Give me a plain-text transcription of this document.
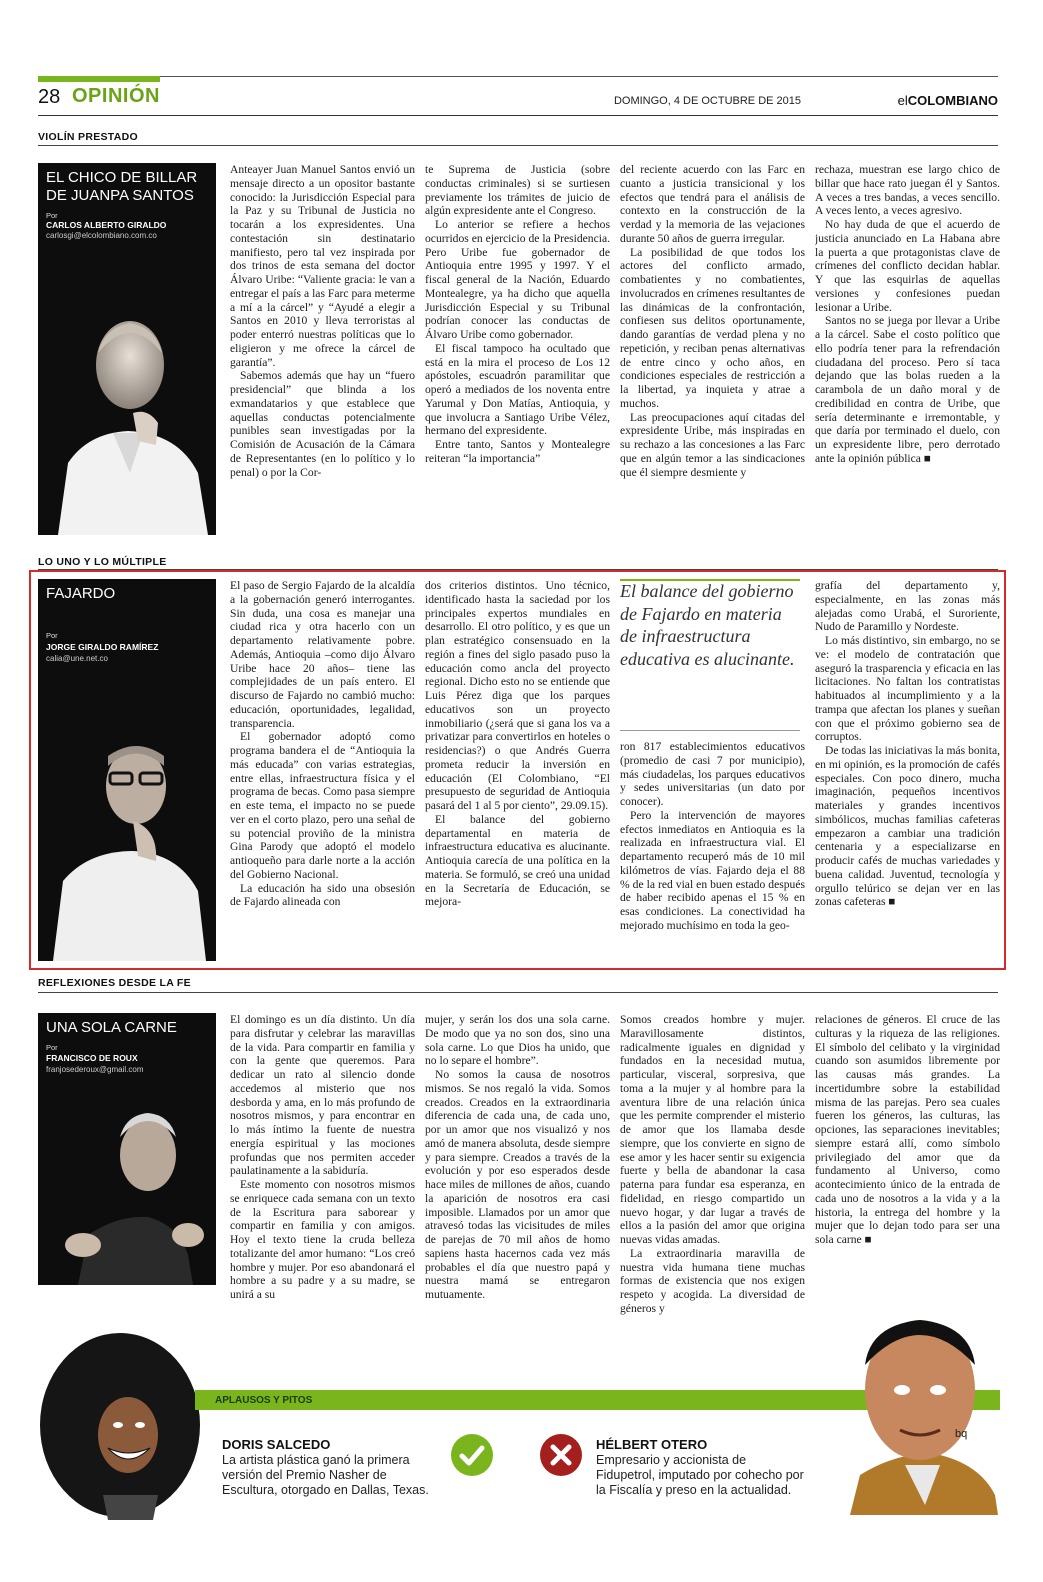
28 OPINIÓN	DOMINGO, 4 DE OCTUBRE DE 2015	elCOLOMBIANO
VIOLÍN PRESTADO
EL CHICO DE BILLAR DE JUANPA SANTOS
Por
CARLOS ALBERTO GIRALDO
carlosgi@elcolombiano.com.co

Anteayer Juan Manuel Santos envió un mensaje directo a un opositor bastante conocido: la Jurisdicción Especial para la Paz y su Tribunal de Justicia no tocarán a los expresidentes. Una contestación sin destinatario manifiesto, pero tal vez inspirada por dos trinos de esta semana del doctor Álvaro Uribe: “Valiente gracia: le van a entregar el país a las Farc para meterme a mí a la cárcel” y “Ayudé a elegir a Santos en 2010 y lleva terroristas al poder enterró nuestras políticas que lo eligieron y me ofrece la cárcel de garantía”.

Sabemos además que hay un “fuero presidencial” que blinda a los exmandatarios y que establece que aquellas conductas potencialmente punibles sean investigadas por la Comisión de Acusación de la Cámara de Representantes (en lo político y lo penal) o por la Cor-

te Suprema de Justicia (sobre conductas criminales) si se surtiesen previamente los trámites de juicio de algún expresidente ante el Congreso.

Lo anterior se refiere a hechos ocurridos en ejercicio de la Presidencia. Pero Uribe fue gobernador de Antioquia entre 1995 y 1997. Y el fiscal general de la Nación, Eduardo Montealegre, ya ha dicho que aquella Jurisdicción Especial y su Tribunal podrían conocer las conductas de Álvaro Uribe como gobernador.

El fiscal tampoco ha ocultado que está en la mira el proceso de Los 12 apóstoles, escuadrón paramilitar que operó a mediados de los noventa entre Yarumal y Don Matías, Antioquia, y que involucra a Santiago Uribe Vélez, hermano del expresidente.

Entre tanto, Santos y Montealegre reiteran “la importancia”

del reciente acuerdo con las Farc en cuanto a justicia transicional y los efectos que tendrá para el análisis de contexto en la construcción de la verdad y la memoria de las vejaciones durante 50 años de guerra irregular.

La posibilidad de que todos los actores del conflicto armado, combatientes y no combatientes, involucrados en crímenes resultantes de las dinámicas de la confrontación, confiesen sus delitos oportunamente, dando garantías de verdad plena y no repetición, y reciban penas alternativas de entre cinco y ocho años, en condiciones especiales de restricción a la libertad, ya inquieta y atrae a muchos.

Las preocupaciones aquí citadas del expresidente Uribe, más inspiradas en su rechazo a las concesiones a las Farc que en algún temor a las sindicaciones que él siempre desmiente y

rechaza, muestran ese largo chico de billar que hace rato juegan él y Santos. A veces a tres bandas, a veces sencillo. A veces lento, a veces agresivo.

No hay duda de que el acuerdo de justicia anunciado en La Habana abre la puerta a que protagonistas clave de crímenes del conflicto decidan hablar. Y que las esquirlas de aquellas versiones y confesiones puedan lesionar a Uribe.

Santos no se juega por llevar a Uribe a la cárcel. Sabe el costo político que ello podría tener para la refrendación ciudadana del proceso. Pero sí taca dejando que las bolas rueden a la carambola de un daño moral y de credibilidad en contra de Uribe, que sería determinante e irremontable, y que daría por terminado el duelo, con un expresidente libre, pero derrotado ante la opinión pública ■

LO UNO Y LO MÚLTIPLE
FAJARDO
Por
JORGE GIRALDO RAMÍREZ
calia@une.net.co

El paso de Sergio Fajardo de la alcaldía a la gobernación generó interrogantes. Sin duda, una cosa es manejar una ciudad rica y otra hacerlo con un departamento relativamente pobre. Además, Antioquia –como dijo Álvaro Uribe hace 20 años– tiene las complejidades de un país entero. El discurso de Fajardo no cambió mucho: educación, oportunidades, legalidad, transparencia.

El gobernador adoptó como programa bandera el de “Antioquia la más educada” con varias estrategias, entre ellas, infraestructura física y el programa de becas. Como pasa siempre en este tema, el impacto no se puede ver en el corto plazo, pero una señal de su potencial proviño de la ministra Gina Parody que adoptó el modelo antioqueño para darle norte a la acción del Gobierno Nacional.

La educación ha sido una obsesión de Fajardo alineada con

dos criterios distintos. Uno técnico, identificado hasta la saciedad por los principales expertos mundiales en desarrollo. El otro político, y es que un plan estratégico consensuado en la región a fines del siglo pasado puso la educación como ancla del proyecto regional. Dicho esto no se entiende que Luis Pérez diga que los parques educativos son un proyecto inmobiliario (¿será que si gana los va a privatizar para convertirlos en hoteles o residencias?) o que Andrés Guerra prometa reducir la inversión en educación (El Colombiano, “El presupuesto de seguridad de Antioquia pasará del 1 al 5 por ciento”, 29.09.15).

El balance del gobierno departamental en materia de infraestructura educativa es alucinante. Antioquia carecía de una política en la materia. Se formuló, se creó una unidad en la Secretaría de Educación, se mejora-

El balance del gobierno de Fajardo en materia de infraestructura educativa es alucinante.

ron 817 establecimientos educativos (promedio de casi 7 por municipio), más ciudadelas, los parques educativos y sedes universitarias (un dato por conocer).

Pero la intervención de mayores efectos inmediatos en Antioquia es la realizada en infraestructura vial. El departamento recuperó más de 10 mil kilómetros de vías. Fajardo deja el 88 % de la red vial en buen estado después de haber recibido apenas el 15 % en esas condiciones. La conectividad ha mejorado muchísimo en toda la geo-

grafía del departamento y, especialmente, en las zonas más alejadas como Urabá, el Suroriente, Nudo de Paramillo y Nordeste.

Lo más distintivo, sin embargo, no se ve: el modelo de contratación que aseguró la trasparencia y eficacia en las licitaciones. No faltan los contratistas habituados al incumplimiento y a la trampa que afectan los planes y sueñan con que el próximo gobierno sea de corruptos.

De todas las iniciativas la más bonita, en mi opinión, es la promoción de cafés especiales. Con poco dinero, mucha imaginación, pequeños incentivos materiales y grandes incentivos simbólicos, muchas familias cafeteras empezaron a cambiar una tradición centenaria y a especializarse en producir cafés de muchas variedades y buena calidad. Juventud, tecnología y orgullo telúrico se dejan ver en las zonas cafeteras ■

REFLEXIONES DESDE LA FE
UNA SOLA CARNE
Por
FRANCISCO DE ROUX
franjosederoux@gmail.com

El domingo es un día distinto. Un día para disfrutar y celebrar las maravillas de la vida. Para compartir en familia y con la gente que queremos. Para dedicar un rato al silencio donde accedemos al misterio que nos desborda y ama, en lo más profundo de nosotros mismos, y para encontrar en lo más íntimo la fuente de nuestra energía espiritual y las mociones profundas que nos permiten acceder paulatinamente a la sabiduría.

Este momento con nosotros mismos se enriquece cada semana con un texto de la Escritura para saborear y compartir en familia y con amigos. Hoy el texto tiene la cruda belleza totalizante del amor humano: “Los creó hombre y mujer. Por eso abandonará el hombre a su padre y a su madre, se unirá a su

mujer, y serán los dos una sola carne. De modo que ya no son dos, sino una sola carne. Lo que Dios ha unido, que no lo separe el hombre”.

No somos la causa de nosotros mismos. Se nos regaló la vida. Somos creados. Creados en la extraordinaria diferencia de cada una, de cada uno, por un amor que nos visualizó y nos amó de manera absoluta, desde siempre y para siempre. Creados a través de la evolución y por eso esperados desde hace miles de millones de años, cuando la aparición de nosotros era casi imposible. Llamados por un amor que atravesó todas las vicisitudes de miles de parejas de 70 mil años de homo sapiens hasta hacernos cada vez más probables el día que nuestro papá y nuestra mamá se entregaron mutuamente.

Somos creados hombre y mujer. Maravillosamente distintos, radicalmente iguales en dignidad y fundados en la necesidad mutua, particular, visceral, sorpresiva, que toma a la mujer y al hombre para la aventura libre de una relación única que les permite comprender el misterio de amor que los llamaba desde siempre, que los convierte en signo de ese amor y les hacer sentir su exigencia fuerte y bella de abandonar la casa paterna para fundar esa esperanza, en fidelidad, en riesgo compartido un nuevo hogar, y dar lugar a través de ellos a la pasión del amor que origina nuevas vidas amadas.

La extraordinaria maravilla de nuestra vida humana tiene muchas formas de existencia que nos exigen respeto y acogida. La diversidad de géneros y

relaciones de géneros. El cruce de las culturas y la riqueza de las religiones. El símbolo del celibato y la virginidad cuando son asumidos libremente por las causas más grandes. La incertidumbre sobre la estabilidad misma de las parejas. Pero sea cuales fueren los géneros, las culturas, las opciones, las separaciones inevitables; siempre estará allí, como símbolo privilegiado del amor que da fundamento al Universo, como acontecimiento único de la entrada de cada uno de nosotros a la vida y a la historia, la entrega del hombre y la mujer que lo dejan todo para ser una sola carne ■

APLAUSOS Y PITOS
DORIS SALCEDO
La artista plástica ganó la primera versión del Premio Nasher de Escultura, otorgado en Dallas, Texas.
HÉLBERT OTERO
Empresario y accionista de Fidupetrol, imputado por cohecho por la Fiscalía y preso en la actualidad.
bq
